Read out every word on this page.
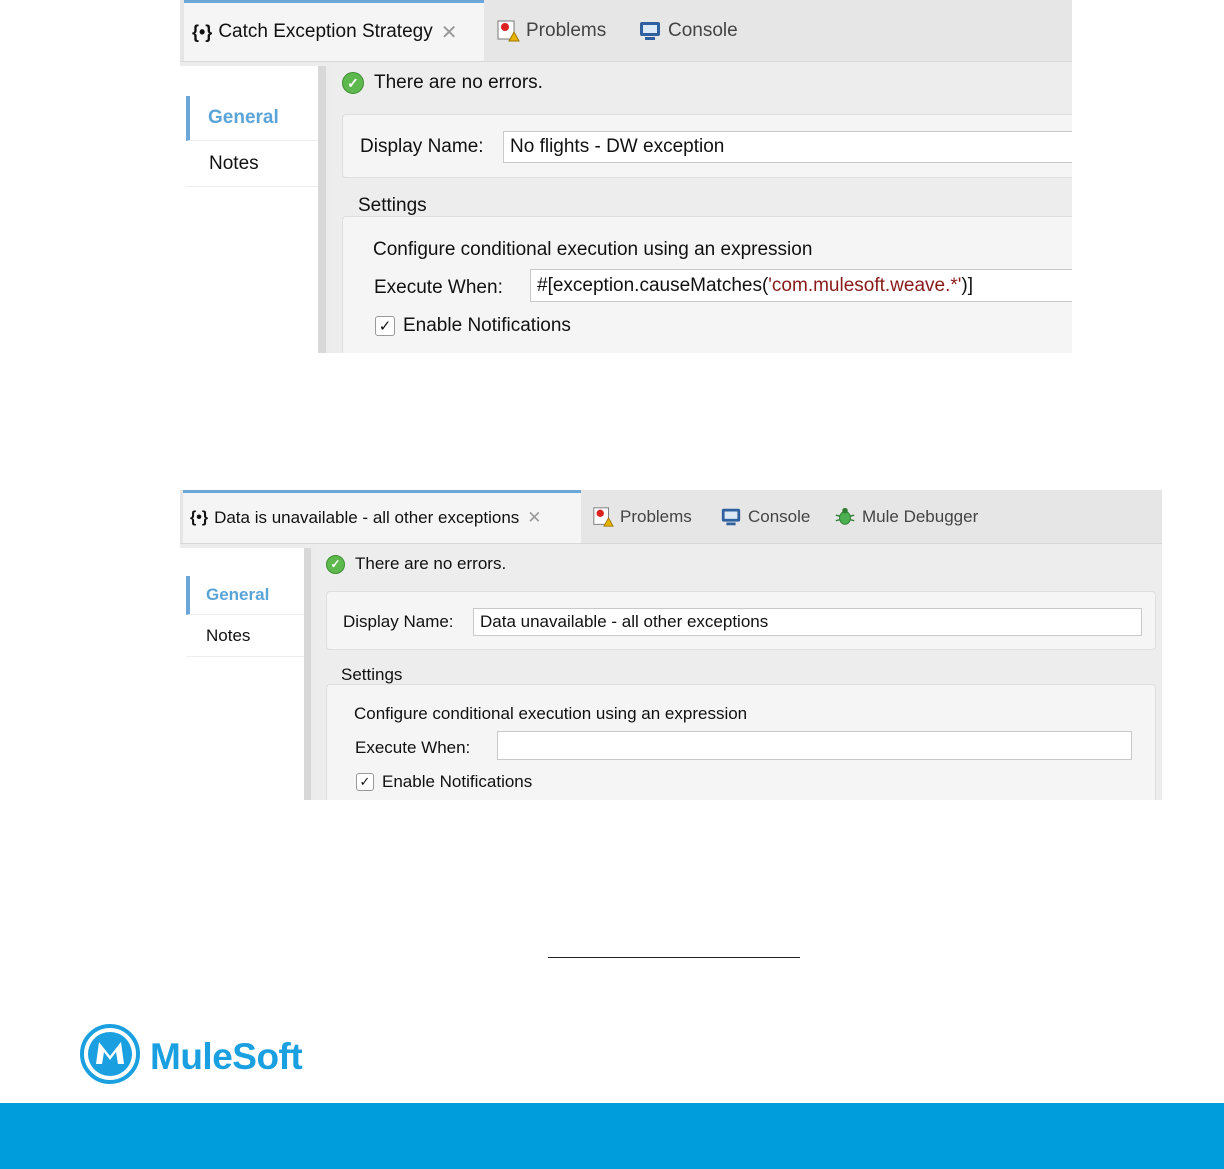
{•} Catch Exception Strategy ✕	Problems	Console
General
Notes
✓ There are no errors.
Display Name: No flights - DW exception
Settings
Configure conditional execution using an expression
Execute When: #[exception.causeMatches( 'com.mulesoft.weave.*' )]
✓ Enable Notifications
{•} Data is unavailable - all other exceptions ✕	Problems	Console	Mule Debugger
General
Notes
✓ There are no errors.
Display Name: Data unavailable - all other exceptions
Settings
Configure conditional execution using an expression
Execute When:
✓ Enable Notifications
MuleSoft
